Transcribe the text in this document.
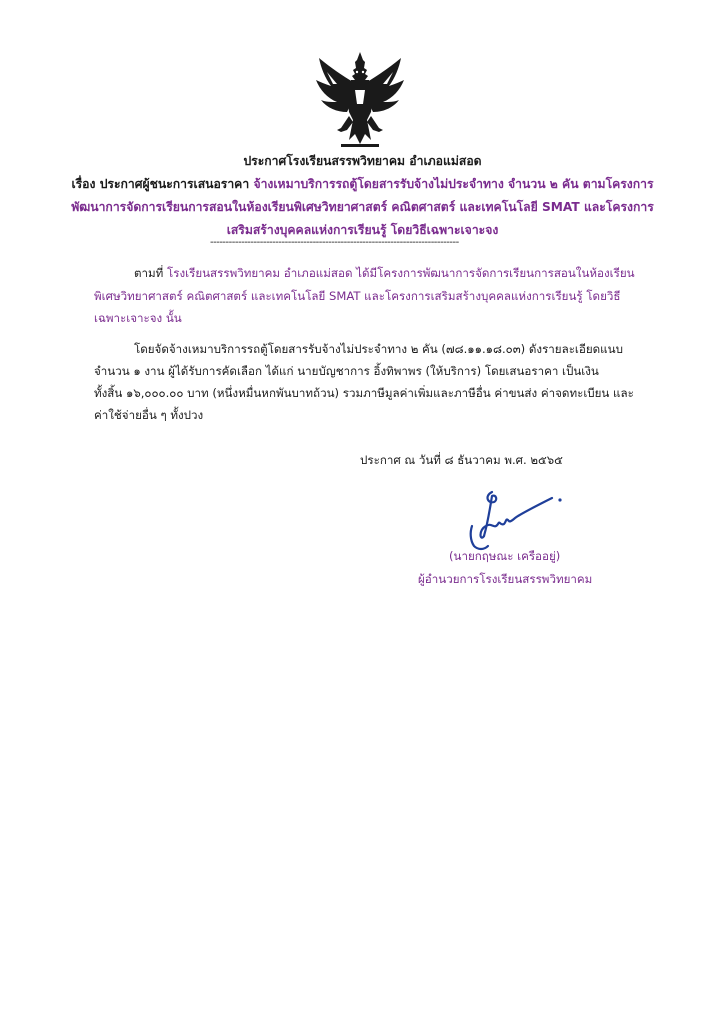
ประกาศโรงเรียนสรรพวิทยาคม อำเภอแม่สอด
เรื่อง ประกาศผู้ชนะการเสนอราคา จ้างเหมาบริการรถตู้โดยสารรับจ้างไม่ประจำทาง จำนวน ๒ คัน ตามโครงการ
พัฒนาการจัดการเรียนการสอนในห้องเรียนพิเศษวิทยาศาสตร์ คณิตศาสตร์ และเทคโนโลยี SMAT และโครงการ
เสริมสร้างบุคคลแห่งการเรียนรู้ โดยวิธีเฉพาะเจาะจง
--------------------------------------------------------------------------------
ตามที่ โรงเรียนสรรพวิทยาคม อำเภอแม่สอด ได้มีโครงการพัฒนาการจัดการเรียนการสอนในห้องเรียน
พิเศษวิทยาศาสตร์ คณิตศาสตร์ และเทคโนโลยี SMAT และโครงการเสริมสร้างบุคคลแห่งการเรียนรู้ โดยวิธี
เฉพาะเจาะจง นั้น
โดยจัดจ้างเหมาบริการรถตู้โดยสารรับจ้างไม่ประจำทาง ๒ คัน (๗๘.๑๑.๑๘.๐๓) ดังรายละเอียดแนบ
จำนวน ๑ งาน ผู้ได้รับการคัดเลือก ได้แก่ นายบัญชาการ อิ้งทิพาพร (ให้บริการ) โดยเสนอราคา เป็นเงิน
ทั้งสิ้น ๑๖,๐๐๐.๐๐ บาท (หนึ่งหมื่นหกพันบาทถ้วน) รวมภาษีมูลค่าเพิ่มและภาษีอื่น ค่าขนส่ง ค่าจดทะเบียน และ
ค่าใช้จ่ายอื่น ๆ ทั้งปวง
ประกาศ ณ วันที่ ๘ ธันวาคม พ.ศ. ๒๕๖๕
(นายกฤษณะ เครืออยู่)
ผู้อำนวยการโรงเรียนสรรพวิทยาคม
